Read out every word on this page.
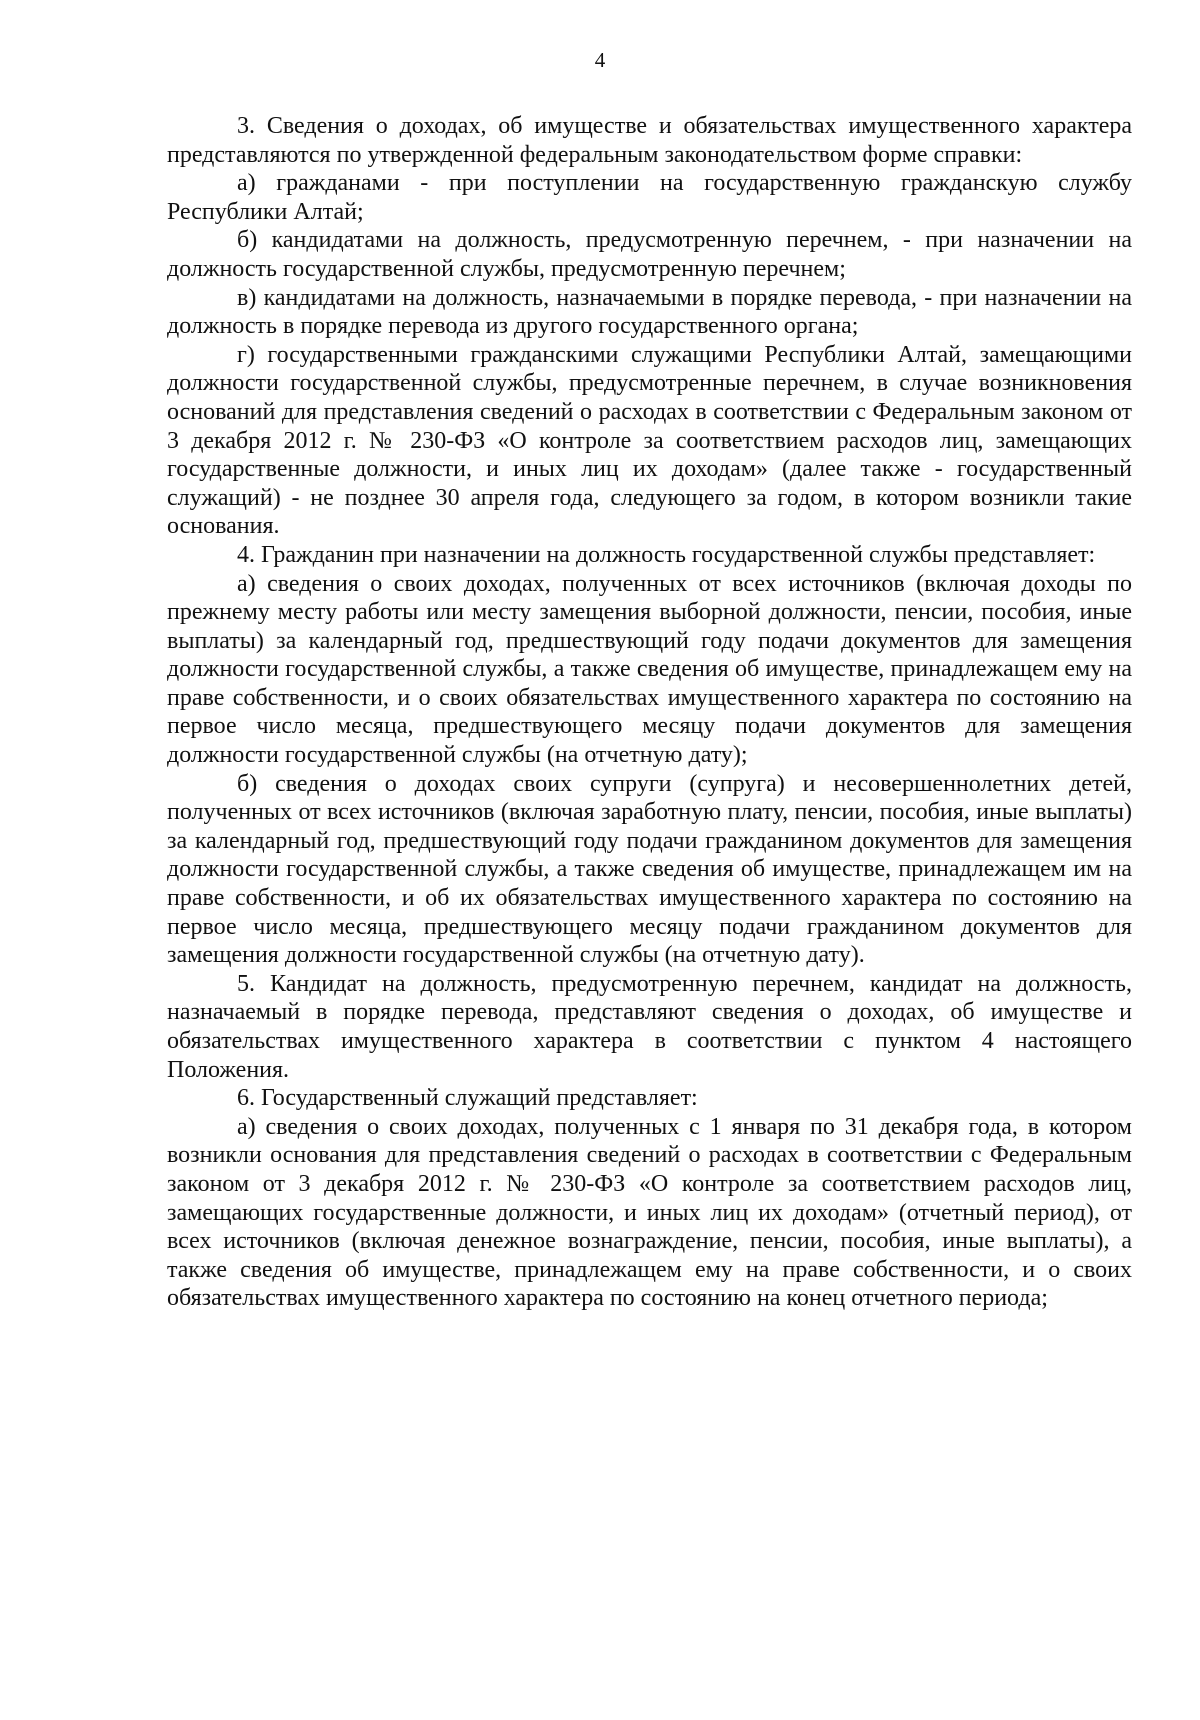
4

3. Сведения о доходах, об имуществе и обязательствах имущественного характера представляются по утвержденной федеральным законодательством форме справки:

а) гражданами - при поступлении на государственную гражданскую службу Республики Алтай;

б) кандидатами на должность, предусмотренную перечнем, - при назначении на должность государственной службы, предусмотренную перечнем;

в) кандидатами на должность, назначаемыми в порядке перевода, - при назначении на должность в порядке перевода из другого государственного органа;

г) государственными гражданскими служащими Республики Алтай, замещающими должности государственной службы, предусмотренные перечнем, в случае возникновения оснований для представления сведений о расходах в соответствии с Федеральным законом от 3 декабря 2012 г. № 230-ФЗ «О контроле за соответствием расходов лиц, замещающих государственные должности, и иных лиц их доходам» (далее также - государственный служащий) - не позднее 30 апреля года, следующего за годом, в котором возникли такие основания.

4. Гражданин при назначении на должность государственной службы представляет:

а) сведения о своих доходах, полученных от всех источников (включая доходы по прежнему месту работы или месту замещения выборной должности, пенсии, пособия, иные выплаты) за календарный год, предшествующий году подачи документов для замещения должности государственной службы, а также сведения об имуществе, принадлежащем ему на праве собственности, и о своих обязательствах имущественного характера по состоянию на первое число месяца, предшествующего месяцу подачи документов для замещения должности государственной службы (на отчетную дату);

б) сведения о доходах своих супруги (супруга) и несовершеннолетних детей, полученных от всех источников (включая заработную плату, пенсии, пособия, иные выплаты) за календарный год, предшествующий году подачи гражданином документов для замещения должности государственной службы, а также сведения об имуществе, принадлежащем им на праве собственности, и об их обязательствах имущественного характера по состоянию на первое число месяца, предшествующего месяцу подачи гражданином документов для замещения должности государственной службы (на отчетную дату).

5. Кандидат на должность, предусмотренную перечнем, кандидат на должность, назначаемый в порядке перевода, представляют сведения о доходах, об имуществе и обязательствах имущественного характера в соответствии с пунктом 4 настоящего Положения.

6. Государственный служащий представляет:

а) сведения о своих доходах, полученных с 1 января по 31 декабря года, в котором возникли основания для представления сведений о расходах в соответствии с Федеральным законом от 3 декабря 2012 г. № 230-ФЗ «О контроле за соответствием расходов лиц, замещающих государственные должности, и иных лиц их доходам» (отчетный период), от всех источников (включая денежное вознаграждение, пенсии, пособия, иные выплаты), а также сведения об имуществе, принадлежащем ему на праве собственности, и о своих обязательствах имущественного характера по состоянию на конец отчетного периода;
